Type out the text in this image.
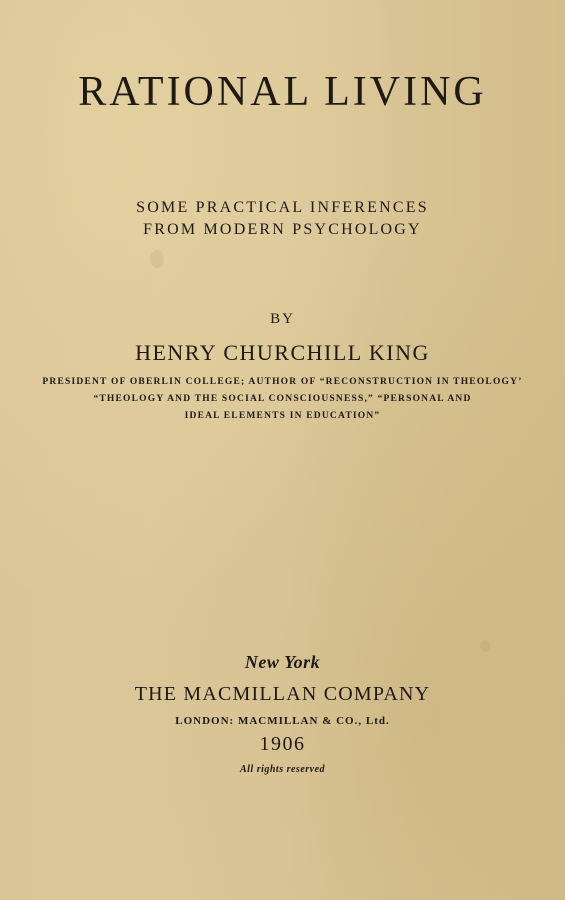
RATIONAL LIVING
SOME PRACTICAL INFERENCES
FROM MODERN PSYCHOLOGY
BY
HENRY CHURCHILL KING
PRESIDENT OF OBERLIN COLLEGE; AUTHOR OF “RECONSTRUCTION IN THEOLOGY’
“THEOLOGY AND THE SOCIAL CONSCIOUSNESS,” “PERSONAL AND
IDEAL ELEMENTS IN EDUCATION”
New York
THE MACMILLAN COMPANY
LONDON: MACMILLAN & CO., Ltd.
1906
All rights reserved
